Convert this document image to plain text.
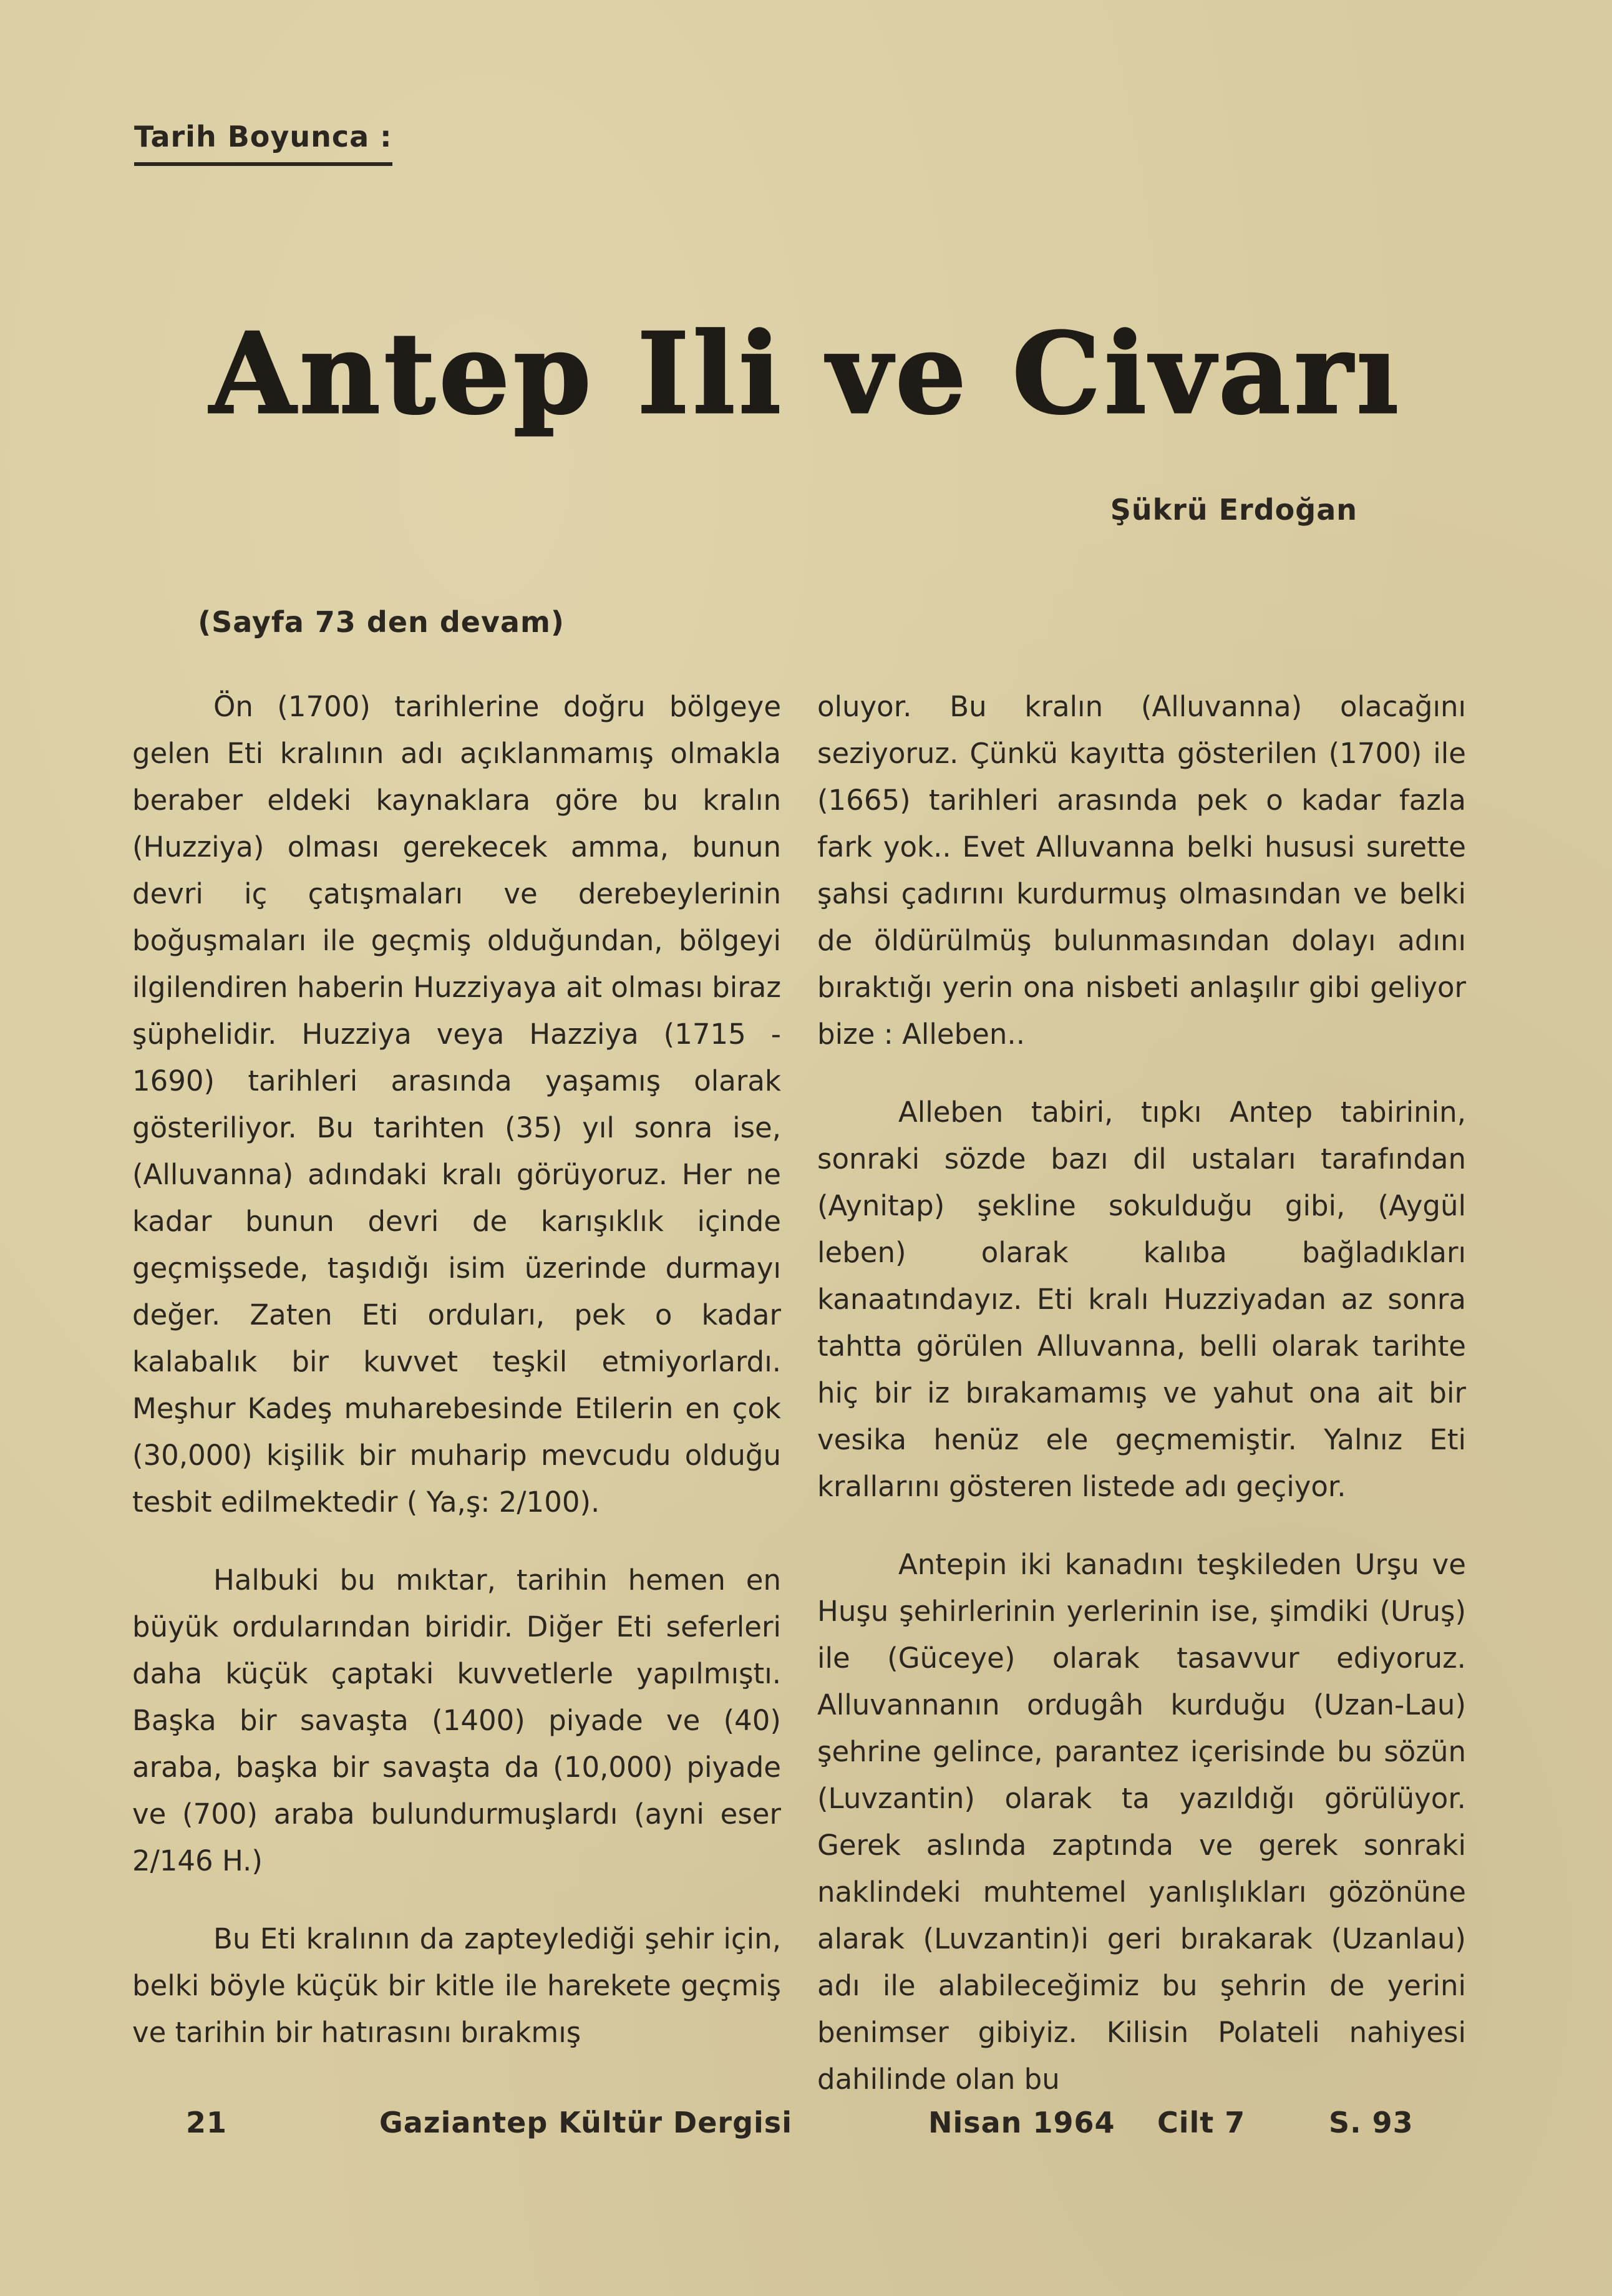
Tarih Boyunca :
Antep Ili ve Civarı
Şükrü Erdoğan
(Sayfa 73 den devam)

Ön (1700) tarihlerine doğru bölgeye gelen Eti kralının adı açıklanmamış olmakla beraber eldeki kaynaklara göre bu kralın (Huzziya) olması gerekecek amma, bunun devri iç çatışmaları ve derebeylerinin boğuşmaları ile geçmiş olduğundan, bölgeyi ilgilendiren haberin Huzziyaya ait olması biraz şüphelidir. Huzziya veya Hazziya (1715 - 1690) tarihleri arasında yaşamış olarak gösteriliyor. Bu tarihten (35) yıl sonra ise, (Alluvanna) adındaki kralı görüyoruz. Her ne kadar bunun devri de karışıklık içinde geçmişsede, taşıdığı isim üzerinde durmayı değer. Zaten Eti orduları, pek o kadar kalabalık bir kuvvet teşkil etmiyorlardı. Meşhur Kadeş muharebesinde Etilerin en çok (30,000) kişilik bir muharip mevcudu olduğu tesbit edilmektedir ( Ya,ş: 2/100).

Halbuki bu mıktar, tarihin hemen en büyük ordularından biridir. Diğer Eti seferleri daha küçük çaptaki kuvvetlerle yapılmıştı. Başka bir savaşta (1400) piyade ve (40) araba, başka bir savaşta da (10,000) piyade ve (700) araba bulundurmuşlardı (ayni eser 2/146 H.)

Bu Eti kralının da zapteylediği şehir için, belki böyle küçük bir kitle ile harekete geçmiş ve tarihin bir hatırasını bırakmış

oluyor. Bu kralın (Alluvanna) olacağını seziyoruz. Çünkü kayıtta gösterilen (1700) ile (1665) tarihleri arasında pek o kadar fazla fark yok.. Evet Alluvanna belki hususi surette şahsi çadırını kurdurmuş olmasından ve belki de öldürülmüş bulunmasından dolayı adını bıraktığı yerin ona nisbeti anlaşılır gibi geliyor bize : Alleben..

Alleben tabiri, tıpkı Antep tabirinin, sonraki sözde bazı dil ustaları tarafından (Aynitap) şekline sokulduğu gibi, (Aygül leben) olarak kalıba bağladıkları kanaatındayız. Eti kralı Huzziyadan az sonra tahtta görülen Alluvanna, belli olarak tarihte hiç bir iz bırakamamış ve yahut ona ait bir vesika henüz ele geçmemiştir. Yalnız Eti krallarını gösteren listede adı geçiyor.

Antepin iki kanadını teşkileden Urşu ve Huşu şehirlerinin yerlerinin ise, şimdiki (Uruş) ile (Güceye) olarak tasavvur ediyoruz. Alluvannanın ordugâh kurduğu (Uzan-Lau) şehrine gelince, parantez içerisinde bu sözün (Luvzantin) olarak ta yazıldığı görülüyor. Gerek aslında zaptında ve gerek sonraki naklindeki muhtemel yanlışlıkları gözönüne alarak (Luvzantin)i geri bırakarak (Uzanlau) adı ile alabileceğimiz bu şehrin de yerini benimser gibiyiz. Kilisin Polateli nahiyesi dahilinde olan bu

21	Gaziantep Kültür Dergisi	Nisan 1964 Cilt 7	S. 93
